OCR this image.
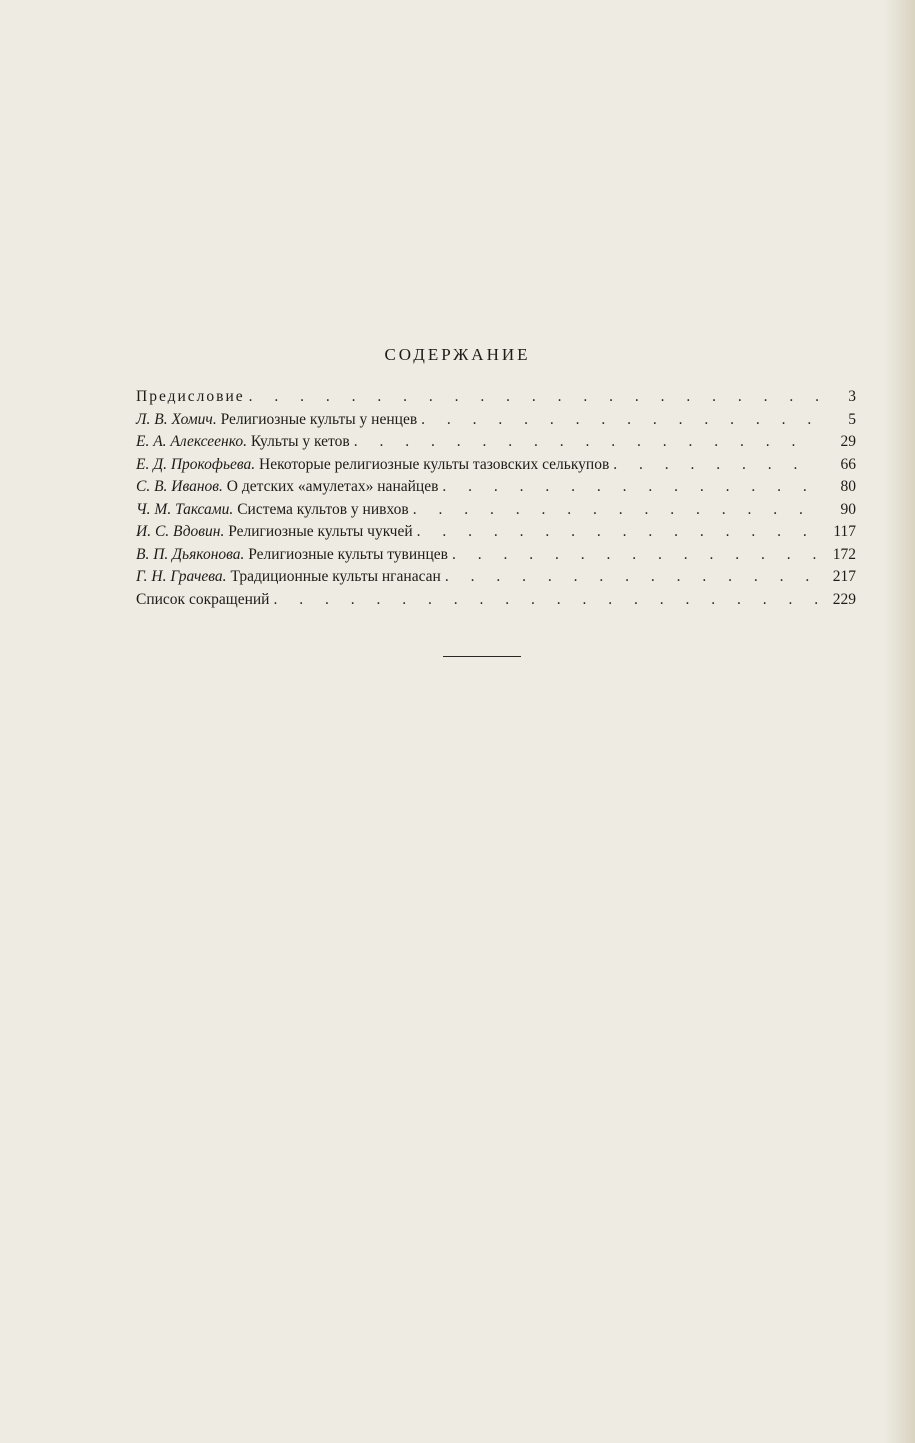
СОДЕРЖАНИЕ
Предисловие . . .	3
Л. В. Хомич. Религиозные культы у ненцев . . .	5
Е. А. Алексеенко. Культы у кетов . . .	29
Е. Д. Прокофьева. Некоторые религиозные культы тазовских селькупов . . .	66
С. В. Иванов. О детских «амулетах» нанайцев . . .	80
Ч. М. Таксами. Система культов у нивхов . . .	90
И. С. Вдовин. Религиозные культы чукчей . . .	117
В. П. Дьяконова. Религиозные культы тувинцев . . .	172
Г. Н. Грачева. Традиционные культы нганасан . . .	217
Список сокращений . . .	229
